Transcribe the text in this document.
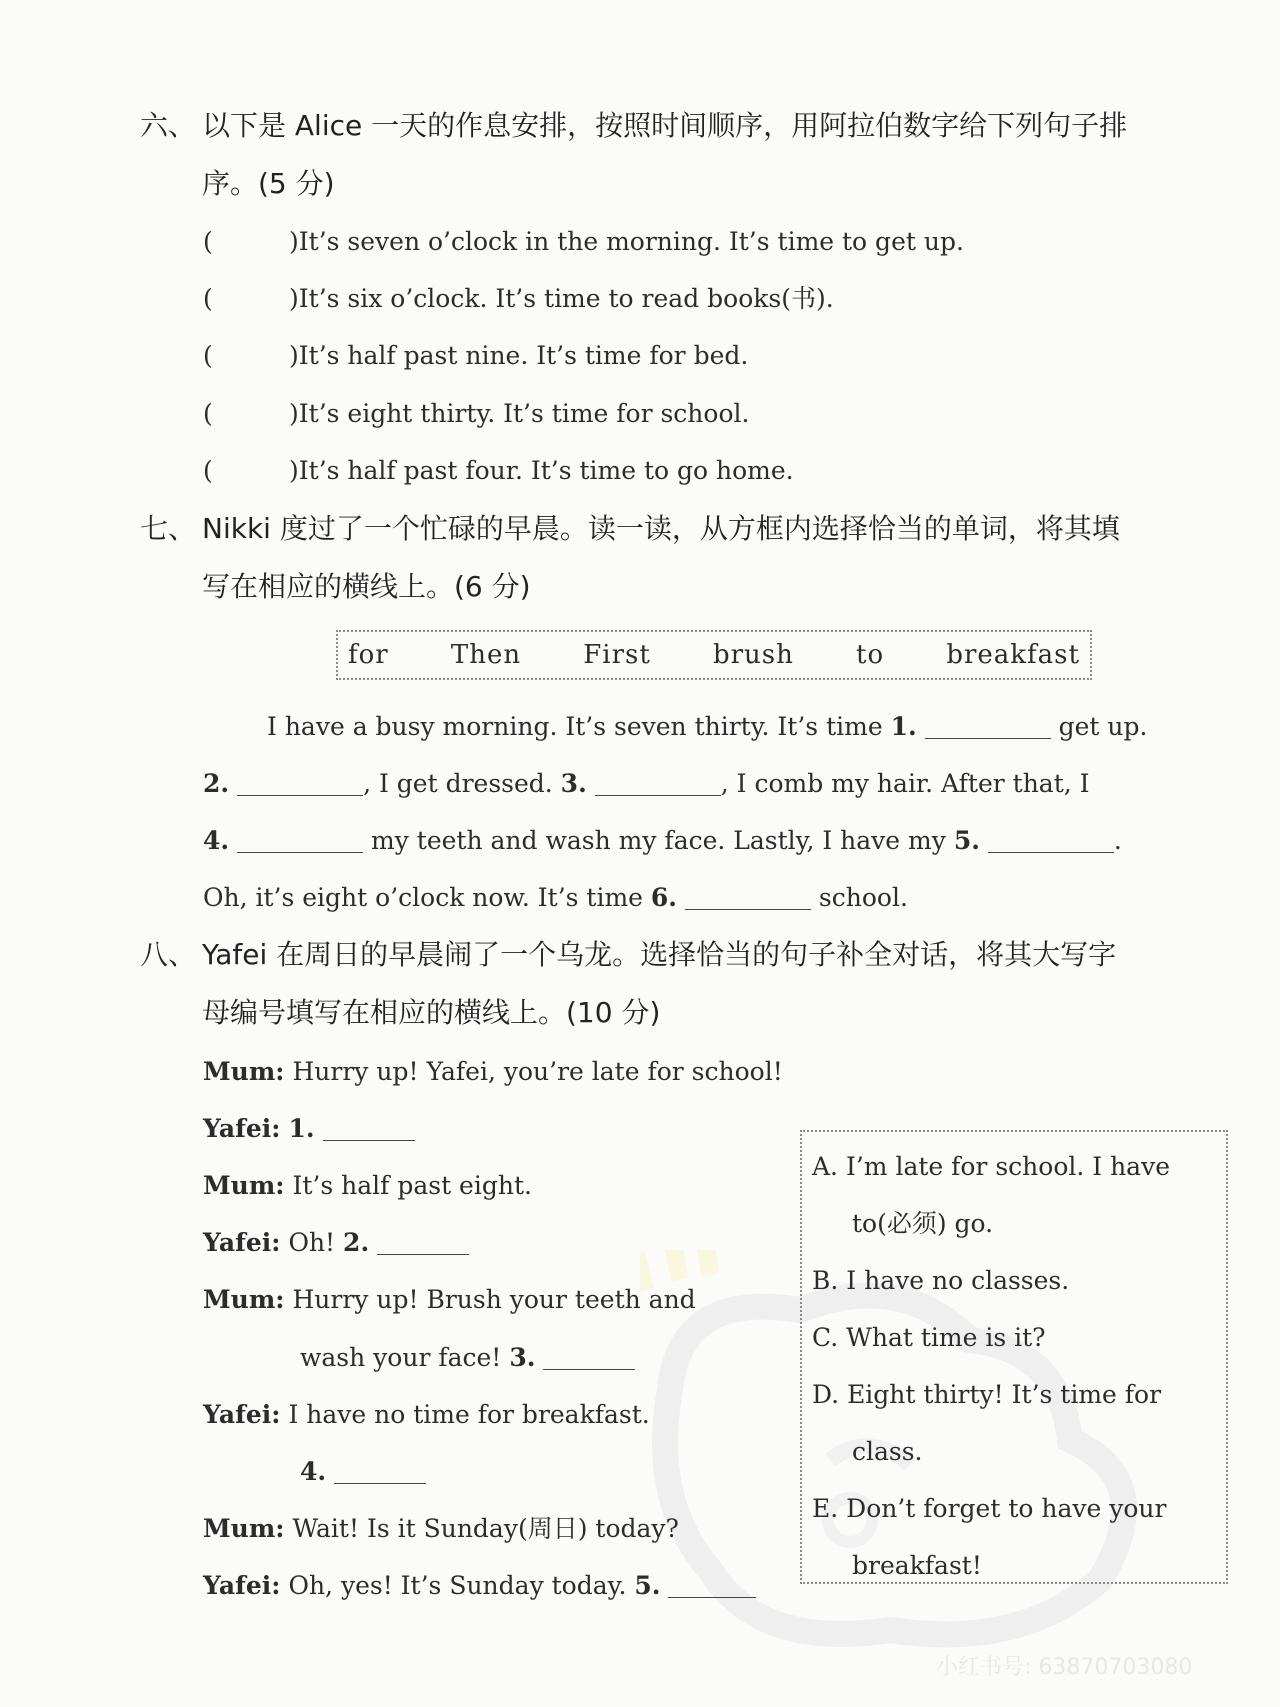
六、 以下是 Alice 一天的作息安排，按照时间顺序，用阿拉伯数字给下列句子排
序。(5 分)
(	)It’s seven o’clock in the morning. It’s time to get up.
(	)It’s six o’clock. It’s time to read books(书).
(	)It’s half past nine. It’s time for bed.
(	)It’s eight thirty. It’s time for school.
(	)It’s half past four. It’s time to go home.
七、 Nikki 度过了一个忙碌的早晨。读一读，从方框内选择恰当的单词，将其填
写在相应的横线上。(6 分)
for Then First brush to breakfast
I have a busy morning. It’s seven thirty. It’s time 1.	get up.
2.	, I get dressed. 3.	, I comb my hair. After that, I
4.	my teeth and wash my face. Lastly, I have my 5.	.
Oh, it’s eight o’clock now. It’s time 6.	school.
八、 Yafei 在周日的早晨闹了一个乌龙。选择恰当的句子补全对话，将其大写字
母编号填写在相应的横线上。(10 分)
Mum: Hurry up! Yafei, you’re late for school!
Yafei: 1.
Mum: It’s half past eight.
Yafei: Oh! 2.
Mum: Hurry up! Brush your teeth and
wash your face! 3.
Yafei: I have no time for breakfast.
4.
Mum: Wait! Is it Sunday(周日) today?
Yafei: Oh, yes! It’s Sunday today. 5.
A. I’m late for school. I have
to(必须) go.
B. I have no classes.
C. What time is it?
D. Eight thirty! It’s time for
class.
E. Don’t forget to have your
breakfast!
小红书号: 63870703080
